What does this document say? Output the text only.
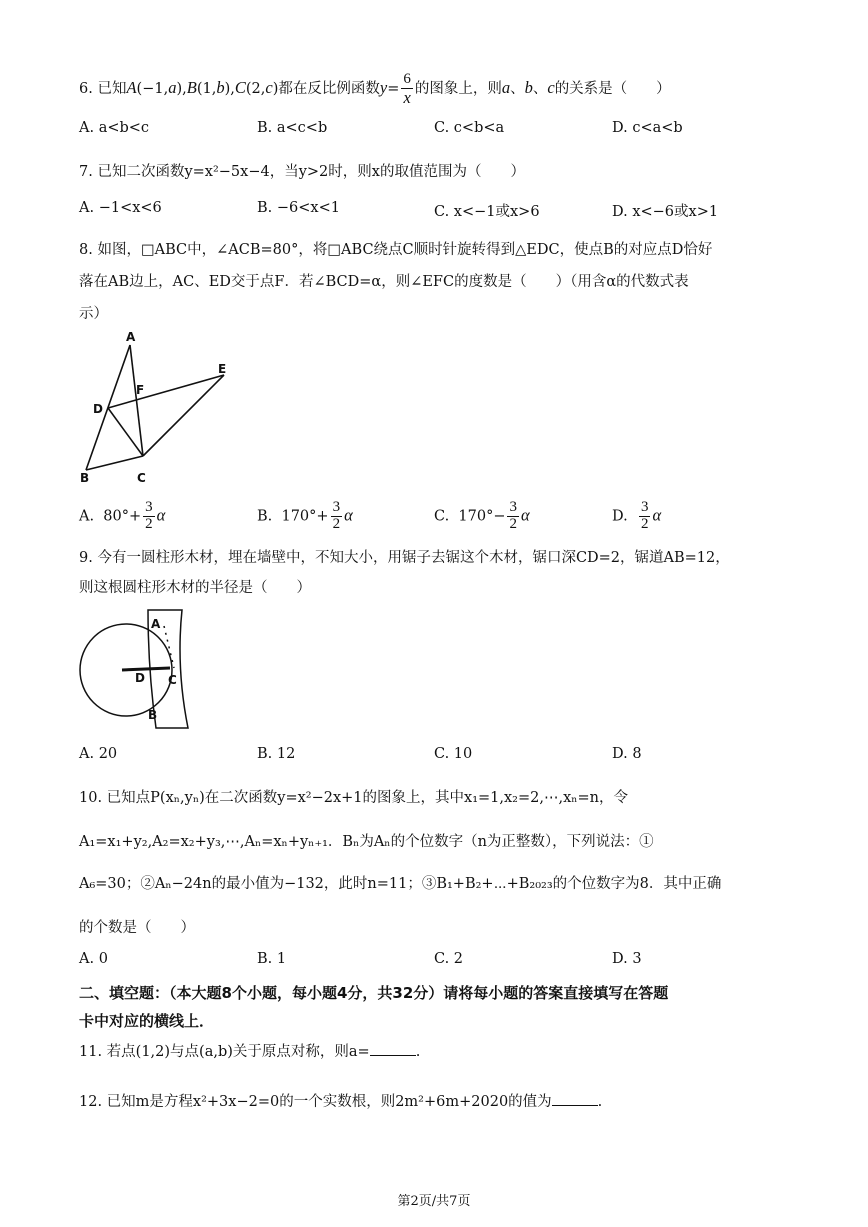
6. 已知A(−1,a),B(1,b),C(2,c)都在反比例函数$y= \frac{6}{x}$ 的图象上，则a、b、c的关系是（　　）
A. a<b<c	B. a<c<b	C. c<b<a	D. c<a<b
7. 已知二次函数y=x²−5x−4，当y>2时，则x的取值范围为（　　）
A. −1<x<6	B. −6<x<1	C. x<−1或x>6	D. x<−6或x>1
8. 如图，□ABC中，∠ACB=80°，将□ABC绕点C顺时针旋转得到△EDC，使点B的对应点D恰好
落在AB边上，AC、ED交于点F．若∠BCD=α，则∠EFC的度数是（　　）（用含α的代数式表
示）
A
F
E
D
B	C
A.  $80^\circ+ \frac{3}{2}$ α	B.  $170^\circ+ \frac{3}{2}$ α	C.  $170^\circ- \frac{3}{2}$ α	D. $\frac{3}{2}$ α
9. 今有一圆柱形木材，埋在墙壁中，不知大小，用锯子去锯这个木材，锯口深CD=2，锯道AB=12，
则这根圆柱形木材的半径是（　　）
A
D C
B
A. 20	B. 12	C. 10	D. 8
10. 已知点P(xₙ,yₙ)在二次函数y=x²−2x+1的图象上，其中x₁=1,x₂=2,⋯,xₙ=n，令
A₁=x₁+y₂,A₂=x₂+y₃,⋯,Aₙ=xₙ+yₙ₊₁．Bₙ为Aₙ的个位数字（n为正整数），下列说法：①
A₆=30；②Aₙ−24n的最小值为−132，此时n=11；③B₁+B₂+⋯+B₂₀₂₃的个位数字为8．其中正确
的个数是（　　）
A. 0	B. 1	C. 2	D. 3
二、填空题：（本大题8个小题，每小题4分，共32分）请将每小题的答案直接填写在答题
卡中对应的横线上．
11. 若点(1,2)与点(a,b)关于原点对称，则a=	.
12. 已知m是方程x²+3x−2=0的一个实数根，则2m²+6m+2020的值为	.
第2页/共7页
